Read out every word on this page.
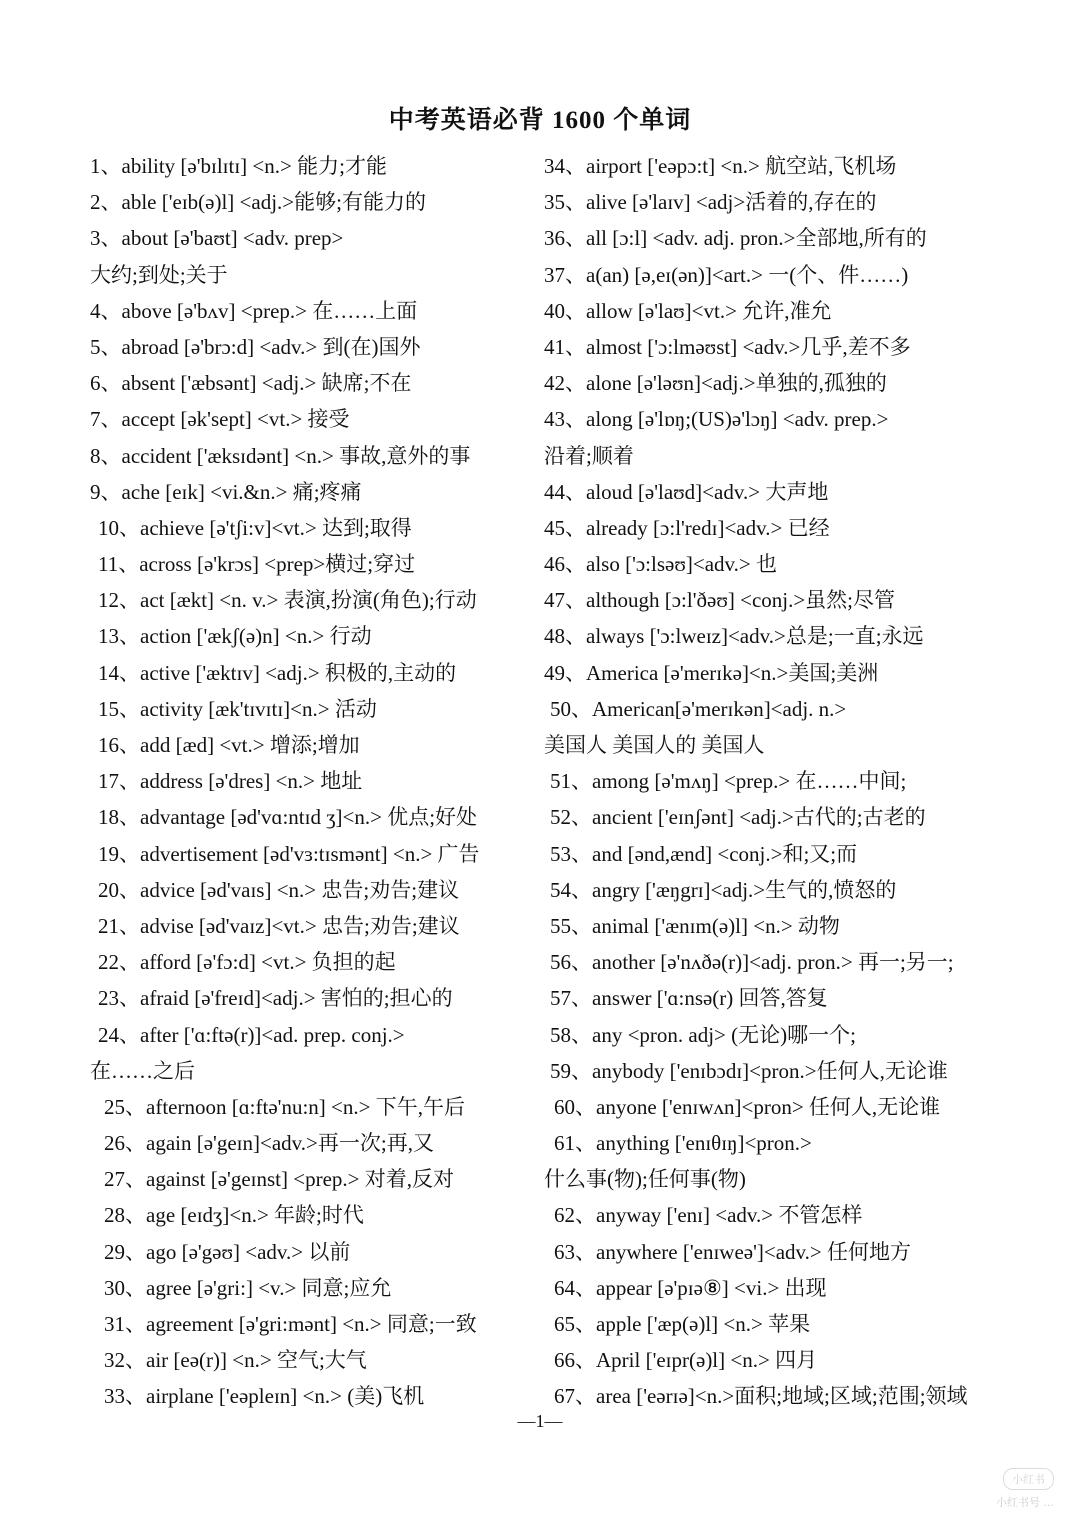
中考英语必背 1600 个单词
1、ability [ə'bɪlɪtɪ] <n.> 能力;才能
2、able ['eɪb(ə)l] <adj.>能够;有能力的
3、about [ə'baʊt] <adv. prep>
大约;到处;关于
4、above [ə'bʌv] <prep.> 在……上面
5、abroad [ə'brɔ:d] <adv.> 到(在)国外
6、absent ['æbsənt] <adj.> 缺席;不在
7、accept [ək'sept] <vt.> 接受
8、accident ['æksɪdənt] <n.> 事故,意外的事
9、ache [eɪk] <vi.&n.> 痛;疼痛
10、achieve [ə'tʃi:v]<vt.> 达到;取得
11、across [ə'krɔs] <prep>横过;穿过
12、act [ækt] <n. v.> 表演,扮演(角色);行动
13、action ['ækʃ(ə)n] <n.> 行动
14、active ['æktɪv] <adj.> 积极的,主动的
15、activity [æk'tɪvɪtɪ]<n.> 活动
16、add [æd] <vt.> 增添;增加
17、address [ə'dres] <n.> 地址
18、advantage [əd'vɑ:ntɪd ʒ]<n.> 优点;好处
19、advertisement [əd'vɜ:tɪsmənt] <n.> 广告
20、advice [əd'vaɪs] <n.> 忠告;劝告;建议
21、advise [əd'vaɪz]<vt.> 忠告;劝告;建议
22、afford [ə'fɔ:d] <vt.> 负担的起
23、afraid [ə'freɪd]<adj.> 害怕的;担心的
24、after ['ɑ:ftə(r)]<ad. prep. conj.>
在……之后
25、afternoon [ɑ:ftə'nu:n] <n.> 下午,午后
26、again [ə'geɪn]<adv.>再一次;再,又
27、against [ə'geɪnst] <prep.> 对着,反对
28、age [eɪdʒ]<n.> 年龄;时代
29、ago [ə'gəʊ] <adv.> 以前
30、agree [ə'gri:] <v.> 同意;应允
31、agreement [ə'gri:mənt] <n.> 同意;一致
32、air [eə(r)] <n.> 空气;大气
33、airplane ['eəpleɪn] <n.> (美)飞机
34、airport ['eəpɔ:t] <n.> 航空站,飞机场
35、alive [ə'laɪv] <adj>活着的,存在的
36、all [ɔ:l] <adv. adj. pron.>全部地,所有的
37、a(an) [ə,eɪ(ən)]<art.> 一(个、件……)
40、allow [ə'laʊ]<vt.> 允许,准允
41、almost ['ɔ:lməʊst] <adv.>几乎,差不多
42、alone [ə'ləʊn]<adj.>单独的,孤独的
43、along [ə'lɒŋ;(US)ə'lɔŋ] <adv. prep.>
沿着;顺着
44、aloud [ə'laʊd]<adv.> 大声地
45、already [ɔ:l'redɪ]<adv.> 已经
46、also ['ɔ:lsəʊ]<adv.> 也
47、although [ɔ:l'ðəʊ] <conj.>虽然;尽管
48、always ['ɔ:lweɪz]<adv.>总是;一直;永远
49、America [ə'merɪkə]<n.>美国;美洲
50、American[ə'merɪkən]<adj. n.>
美国人 美国人的 美国人
51、among [ə'mʌŋ] <prep.> 在……中间;
52、ancient ['eɪnʃənt] <adj.>古代的;古老的
53、and [ənd,ænd] <conj.>和;又;而
54、angry ['æŋgrɪ]<adj.>生气的,愤怒的
55、animal ['ænɪm(ə)l] <n.> 动物
56、another [ə'nʌðə(r)]<adj. pron.> 再一;另一;
57、answer ['ɑ:nsə(r) 回答,答复
58、any <pron. adj> (无论)哪一个;
59、anybody ['enɪbɔdɪ]<pron.>任何人,无论谁
60、anyone ['enɪwʌn]<pron> 任何人,无论谁
61、anything ['enɪθɪŋ]<pron.>
什么事(物);任何事(物)
62、anyway ['enɪ] <adv.> 不管怎样
63、anywhere ['enɪweə']<adv.> 任何地方
64、appear [ə'pɪə⑧] <vi.> 出现
65、apple ['æp(ə)l] <n.> 苹果
66、April ['eɪpr(ə)l] <n.> 四月
67、area ['eərɪə]<n.>面积;地域;区域;范围;领域
—1—
小红书
小红书号 ...
